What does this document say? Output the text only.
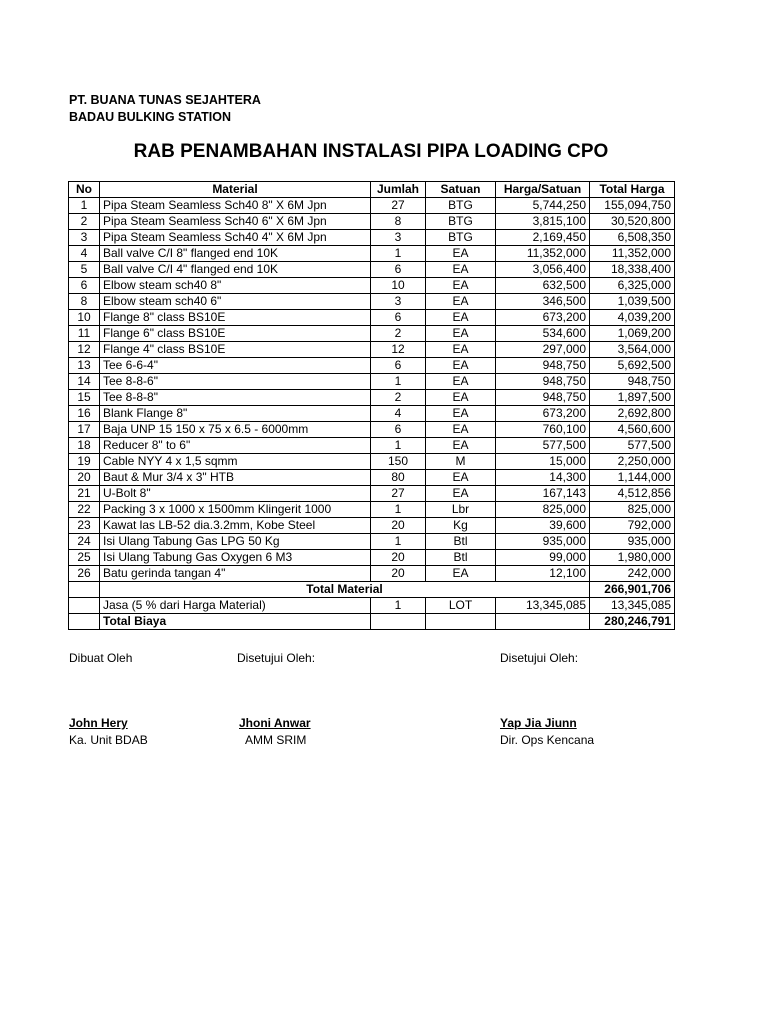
PT. BUANA TUNAS SEJAHTERA
BADAU BULKING STATION
RAB PENAMBAHAN INSTALASI PIPA LOADING CPO
No	Material	Jumlah	Satuan	Harga/Satuan	Total Harga
1	Pipa Steam Seamless Sch40 8" X 6M Jpn	27	BTG	5,744,250	155,094,750
2	Pipa Steam Seamless Sch40 6" X 6M Jpn	8	BTG	3,815,100	30,520,800
3	Pipa Steam Seamless Sch40 4" X 6M Jpn	3	BTG	2,169,450	6,508,350
4	Ball valve C/I 8" flanged end 10K	1	EA	11,352,000	11,352,000
5	Ball valve C/I 4" flanged end 10K	6	EA	3,056,400	18,338,400
6	Elbow steam sch40 8"	10	EA	632,500	6,325,000
8	Elbow steam sch40 6"	3	EA	346,500	1,039,500
10	Flange 8" class BS10E	6	EA	673,200	4,039,200
11	Flange 6" class BS10E	2	EA	534,600	1,069,200
12	Flange 4" class BS10E	12	EA	297,000	3,564,000
13	Tee 6-6-4"	6	EA	948,750	5,692,500
14	Tee 8-8-6"	1	EA	948,750	948,750
15	Tee 8-8-8"	2	EA	948,750	1,897,500
16	Blank Flange 8"	4	EA	673,200	2,692,800
17	Baja UNP 15 150 x 75 x 6.5 - 6000mm	6	EA	760,100	4,560,600
18	Reducer 8" to 6"	1	EA	577,500	577,500
19	Cable NYY 4 x 1,5 sqmm	150	M	15,000	2,250,000
20	Baut & Mur 3/4 x 3" HTB	80	EA	14,300	1,144,000
21	U-Bolt 8"	27	EA	167,143	4,512,856
22	Packing 3 x 1000 x 1500mm Klingerit 1000	1	Lbr	825,000	825,000
23	Kawat las LB-52 dia.3.2mm, Kobe Steel	20	Kg	39,600	792,000
24	Isi Ulang Tabung Gas LPG 50 Kg	1	Btl	935,000	935,000
25	Isi Ulang Tabung Gas Oxygen 6 M3	20	Btl	99,000	1,980,000
26	Batu gerinda tangan 4"	20	EA	12,100	242,000
	Total Material				266,901,706
	Jasa (5 % dari Harga Material)	1	LOT	13,345,085	13,345,085
	Total Biaya				280,246,791
Dibuat Oleh
John Hery
Ka. Unit BDAB
Disetujui Oleh:
Jhoni Anwar
AMM SRIM
Disetujui Oleh:
Yap Jia Jiunn
Dir. Ops Kencana
